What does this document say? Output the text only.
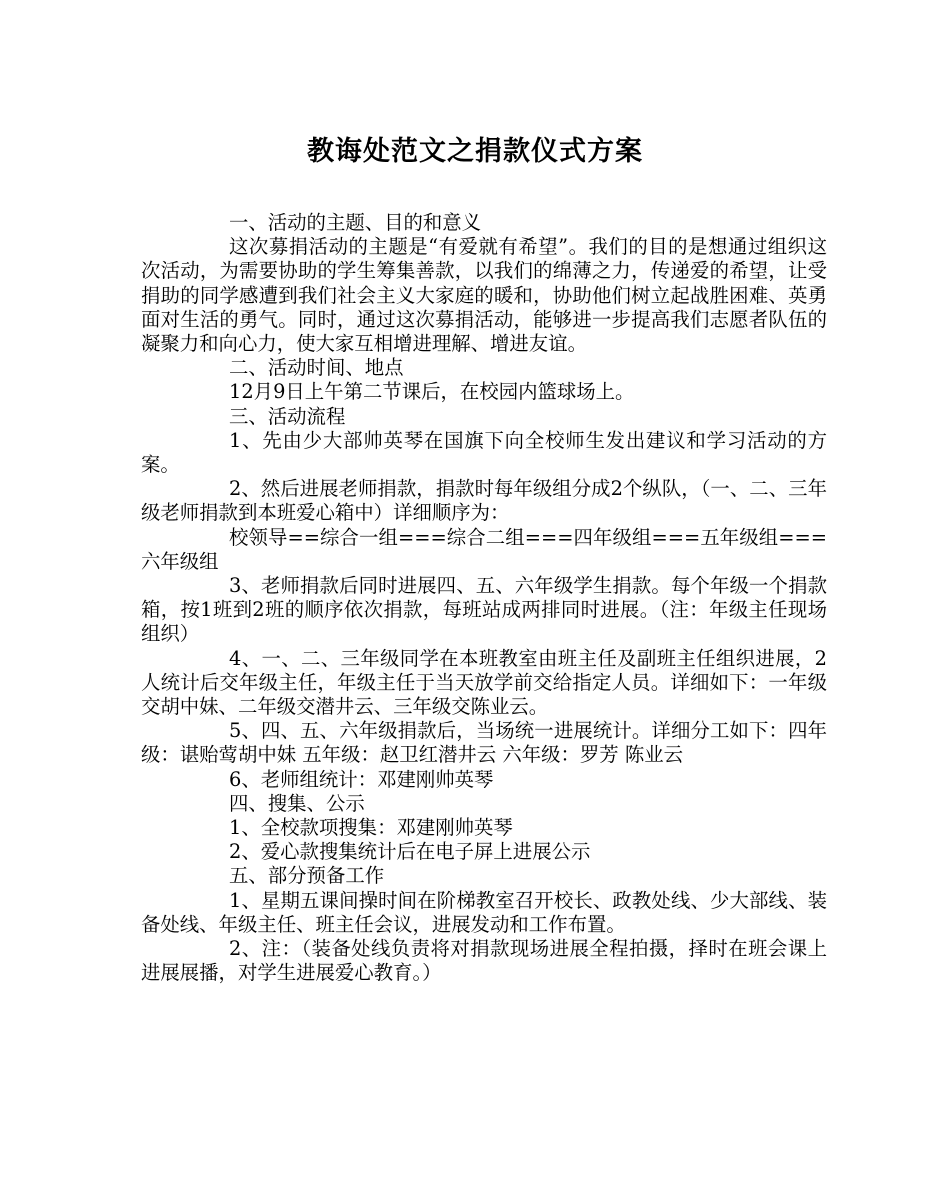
教诲处范文之捐款仪式方案

一、活动的主题、目的和意义

这次募捐活动的主题是“有爱就有希望”。我们的目的是想通过组织这次活动，为需要协助的学生筹集善款，以我们的绵薄之力，传递爱的希望，让受捐助的同学感遭到我们社会主义大家庭的暖和，协助他们树立起战胜困难、英勇面对生活的勇气。同时，通过这次募捐活动，能够进一步提高我们志愿者队伍的凝聚力和向心力，使大家互相增进理解、增进友谊。

二、活动时间、地点

12月9日上午第二节课后，在校园内篮球场上。

三、活动流程

1、先由少大部帅英琴在国旗下向全校师生发出建议和学习活动的方案。

2、然后进展老师捐款，捐款时每年级组分成2个纵队，（一、二、三年级老师捐款到本班爱心箱中）详细顺序为：

校领导==综合一组===综合二组===四年级组===五年级组===六年级组

3、老师捐款后同时进展四、五、六年级学生捐款。每个年级一个捐款箱，按1班到2班的顺序依次捐款，每班站成两排同时进展。（注：年级主任现场组织）

4、一、二、三年级同学在本班教室由班主任及副班主任组织进展，2人统计后交年级主任，年级主任于当天放学前交给指定人员。详细如下：一年级交胡中妹、二年级交潜井云、三年级交陈业云。

5、四、五、六年级捐款后，当场统一进展统计。详细分工如下：四年级：谌贻莺胡中妹 五年级：赵卫红潜井云 六年级：罗芳 陈业云

6、老师组统计：邓建刚帅英琴

四、搜集、公示

1、全校款项搜集：邓建刚帅英琴

2、爱心款搜集统计后在电子屏上进展公示

五、部分预备工作

1、星期五课间操时间在阶梯教室召开校长、政教处线、少大部线、装备处线、年级主任、班主任会议，进展发动和工作布置。

2、注：（装备处线负责将对捐款现场进展全程拍摄，择时在班会课上进展展播，对学生进展爱心教育。）
